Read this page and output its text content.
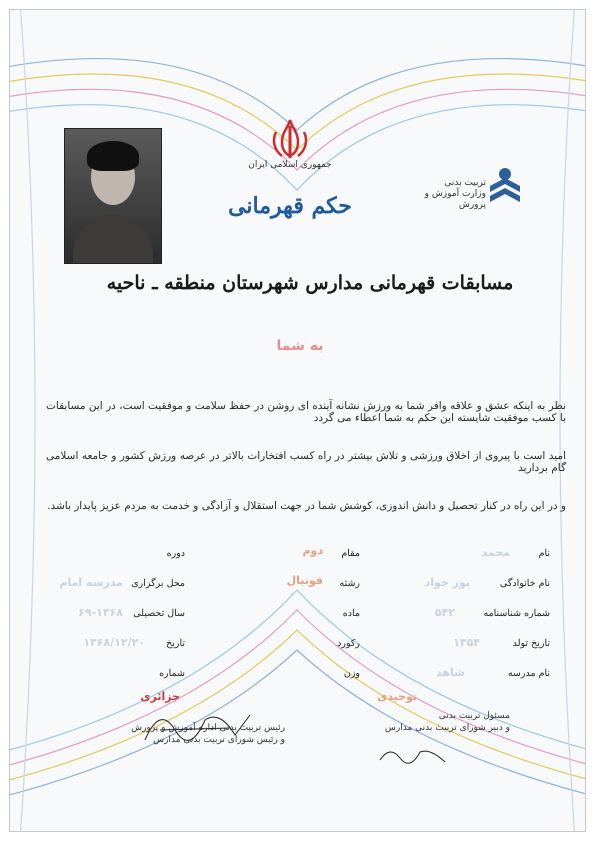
جمهوری اسلامی ایران
تربیت بدنی
وزارت آموزش و پرورش
حکم قهرمانی
مسابقات قهرمانی مدارس شهرستان منطقه ـ ناحیه
به شما
نظر به اینکه عشق و علاقه وافر شما به ورزش نشانه آینده ای روشن در حفظ سلامت و موفقیت است، در این مسابقات با کسب موفقیت شایسته این حکم به شما اعطاء می گردد
امید است با پیروی از اخلاق ورزشی و تلاش بیشتر در راه کسب افتخارات بالاتر در عرصه ورزش کشور و جامعه اسلامی گام بردارید
و در این راه در کنار تحصیل و دانش اندوزی، کوشش شما در جهت استقلال و آزادگی و خدمت به مردم عزیز پایدار باشد.
نام
محمد
نام خانوادگی
پور جواد
شماره شناسنامه
۵۴۲
تاریخ تولد
۱۳۵۴
نام مدرسه
شاهد
مقام
دوم
رشته
فوتبال
ماده
رکورد
وزن
دوره
محل برگزاری
مدرسه امام
سال تحصیلی
۶۹-۱۳۶۸
تاریخ
۱۳۶۸/۱۲/۲۰
شماره
جزائری	توحیدی
رئیس تربیت بدنی اداره آموزش و پرورش
و رئیس شورای تربیت بدنی مدارس
مسئول تربیت بدنی
و دبیر شورای تربیت بدنی مدارس
